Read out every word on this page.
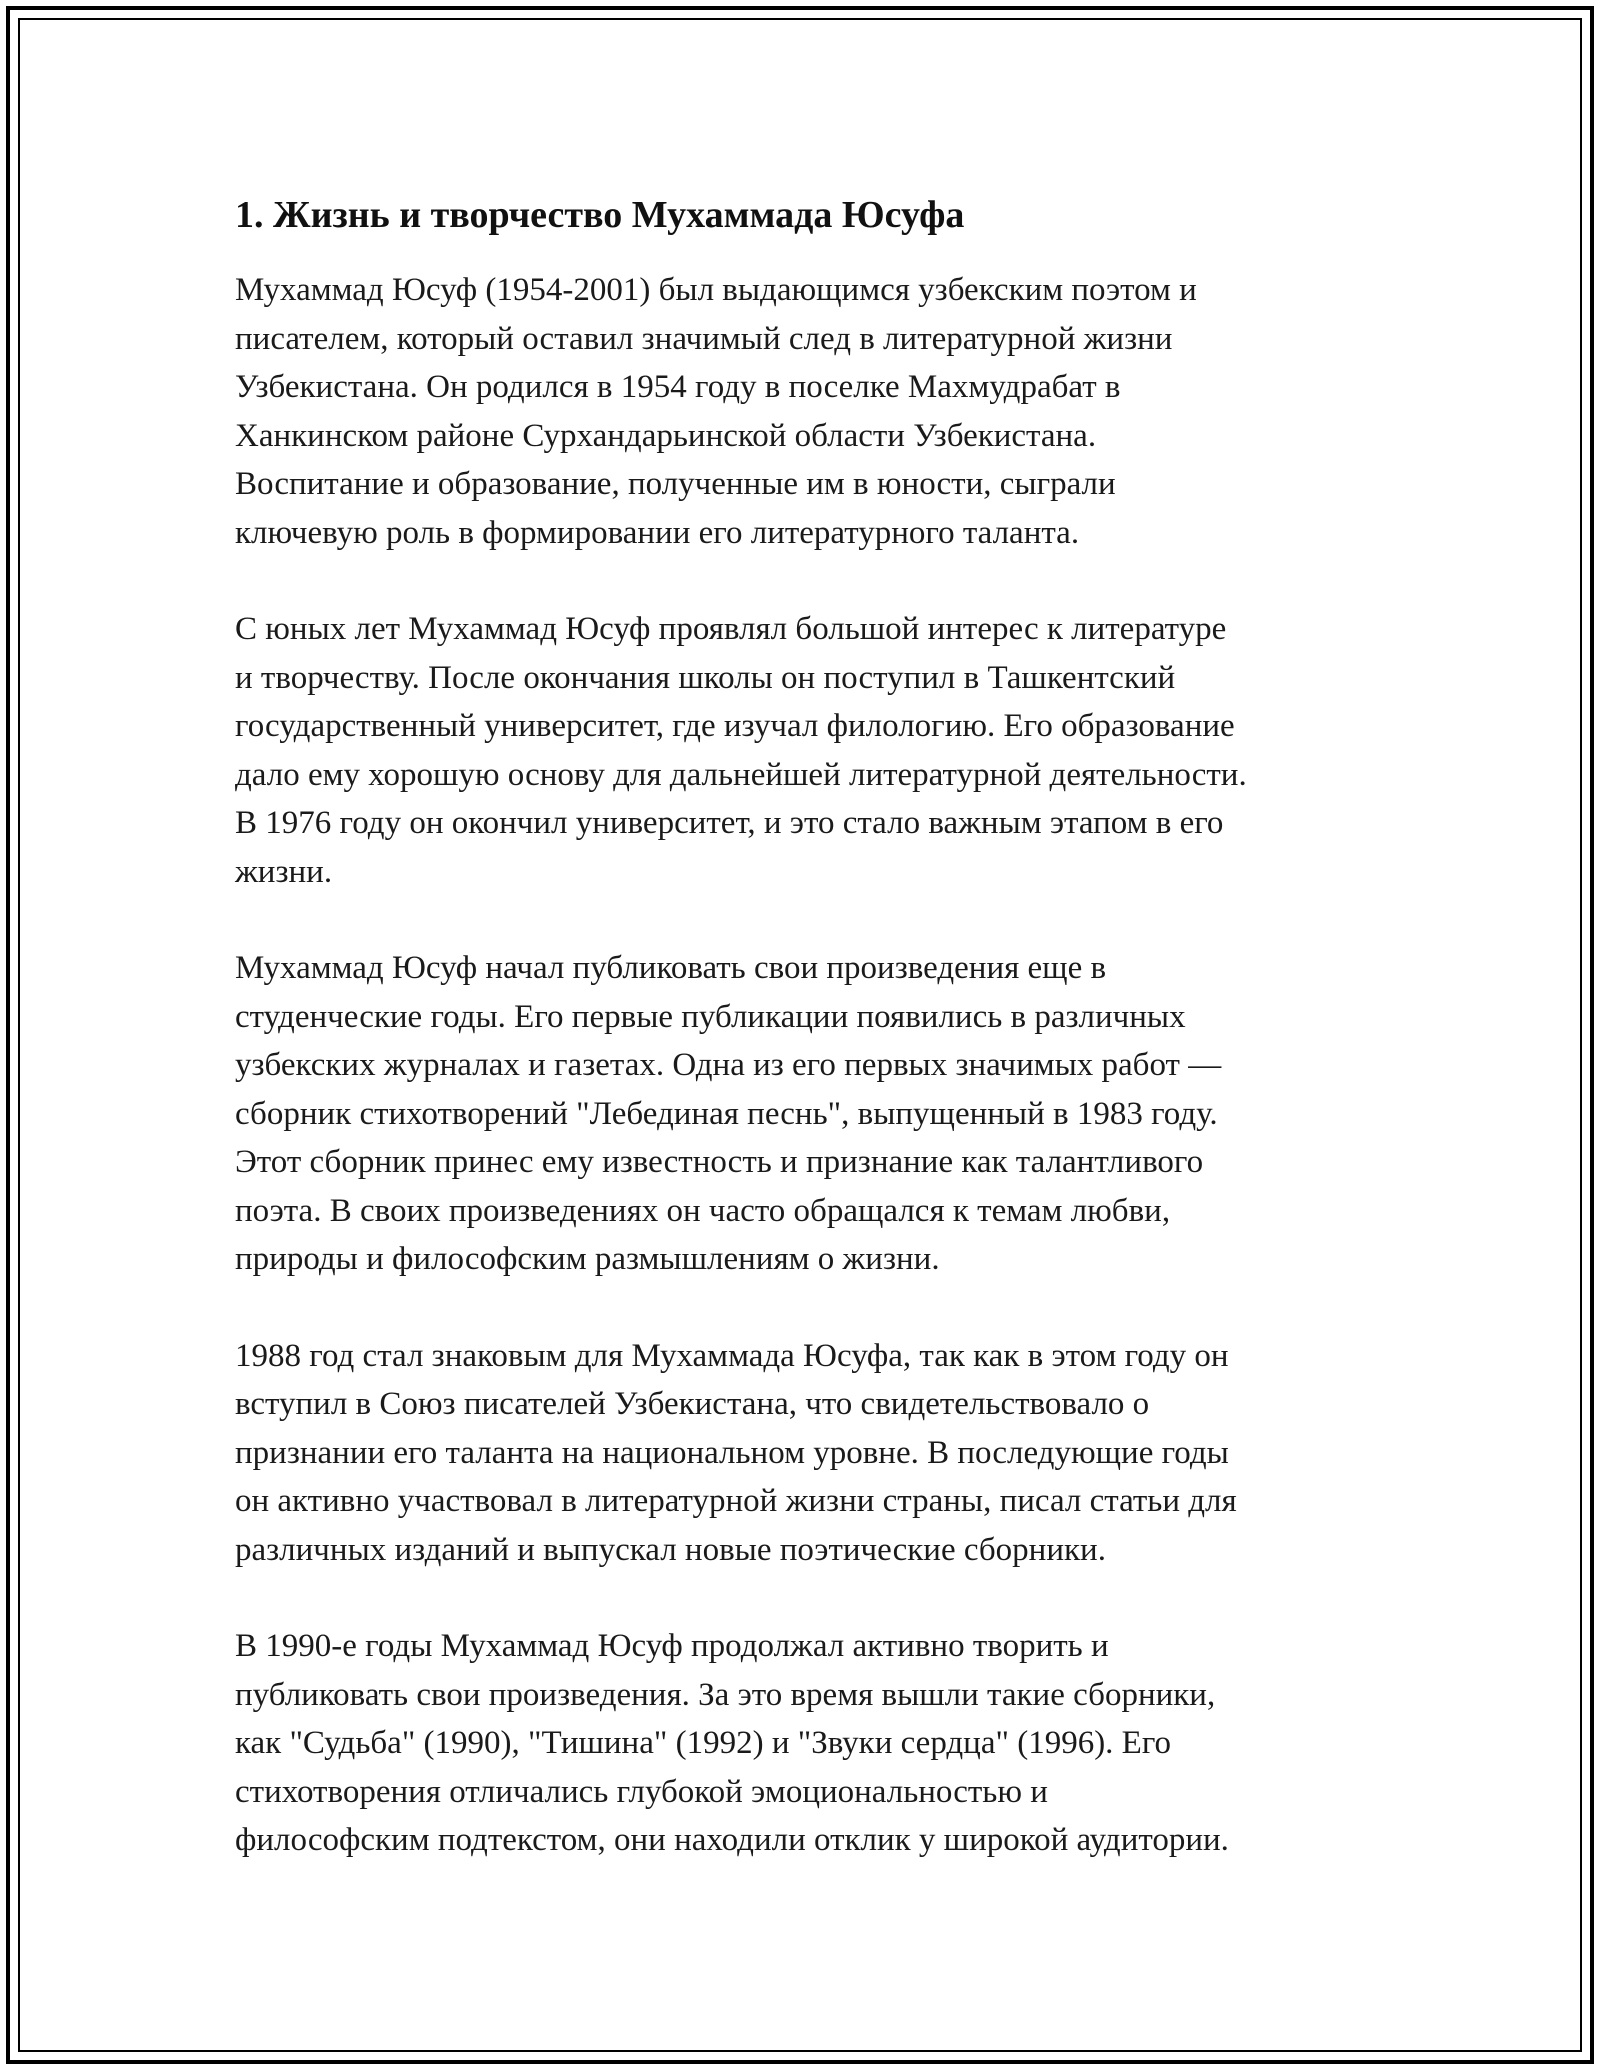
1. Жизнь и творчество Мухаммада Юсуфа

Мухаммад Юсуф (1954-2001) был выдающимся узбекским поэтом и
писателем, который оставил значимый след в литературной жизни
Узбекистана. Он родился в 1954 году в поселке Махмудрабат в
Ханкинском районе Сурхандарьинской области Узбекистана.
Воспитание и образование, полученные им в юности, сыграли
ключевую роль в формировании его литературного таланта.

С юных лет Мухаммад Юсуф проявлял большой интерес к литературе
и творчеству. После окончания школы он поступил в Ташкентский
государственный университет, где изучал филологию. Его образование
дало ему хорошую основу для дальнейшей литературной деятельности.
В 1976 году он окончил университет, и это стало важным этапом в его
жизни.

Мухаммад Юсуф начал публиковать свои произведения еще в
студенческие годы. Его первые публикации появились в различных
узбекских журналах и газетах. Одна из его первых значимых работ —
сборник стихотворений "Лебединая песнь", выпущенный в 1983 году.
Этот сборник принес ему известность и признание как талантливого
поэта. В своих произведениях он часто обращался к темам любви,
природы и философским размышлениям о жизни.

1988 год стал знаковым для Мухаммада Юсуфа, так как в этом году он
вступил в Союз писателей Узбекистана, что свидетельствовало о
признании его таланта на национальном уровне. В последующие годы
он активно участвовал в литературной жизни страны, писал статьи для
различных изданий и выпускал новые поэтические сборники.

В 1990-е годы Мухаммад Юсуф продолжал активно творить и
публиковать свои произведения. За это время вышли такие сборники,
как "Судьба" (1990), "Тишина" (1992) и "Звуки сердца" (1996). Его
стихотворения отличались глубокой эмоциональностью и
философским подтекстом, они находили отклик у широкой аудитории.
